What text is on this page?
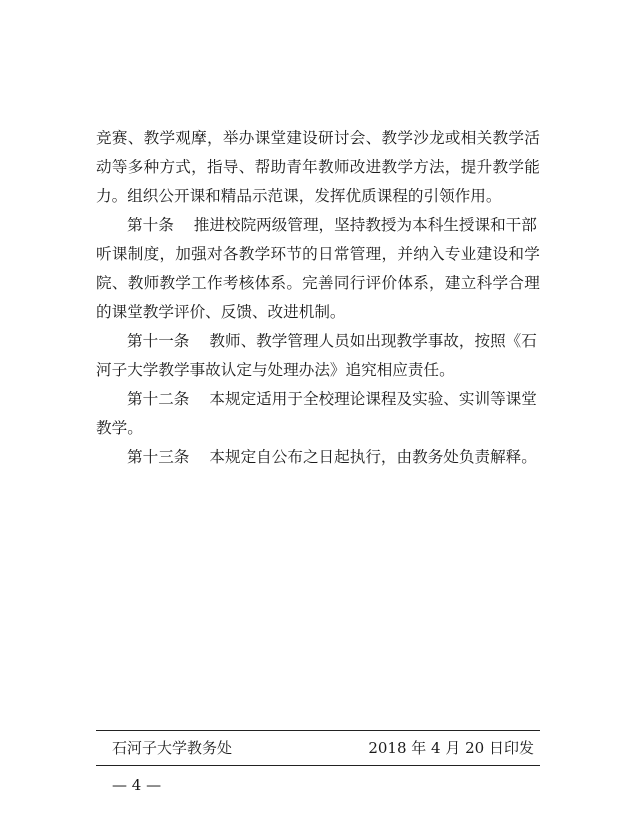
竞 赛 、 教 学 观 摩 ， 举 办 课 堂 建 设 研 讨 会 、 教 学 沙 龙 或 相 关 教 学 活
动 等 多 种 方 式 ， 指 导 、 帮 助 青 年 教 师 改 进 教 学 方 法 ， 提 升 教 学 能
力。组织公开课和精品示范课，发挥优质课程的引领作用。
第十条 推进校院两级管理，坚持教授为本科生授课和干部
听 课 制 度 ， 加 强 对 各 教 学 环 节 的 日 常 管 理 ， 并 纳 入 专 业 建 设 和 学
院 、 教 师 教 学 工 作 考 核 体 系 。 完 善 同 行 评 价 体 系 ， 建 立 科 学 合 理
的课堂教学评价、反馈、改进机制。
第十一条 教师、教学管理人员如出现教学事故，按照《石
河子大学教学事故认定与处理办法》追究相应责任。
第十二条 本规定适用于全校理论课程及实验、实训等课堂
教学。
第十三条 本规定自公布之日起执行，由教务处负责解释。
石河子大学教务处	2018 年 4 月 20 日印发
— 4 —
